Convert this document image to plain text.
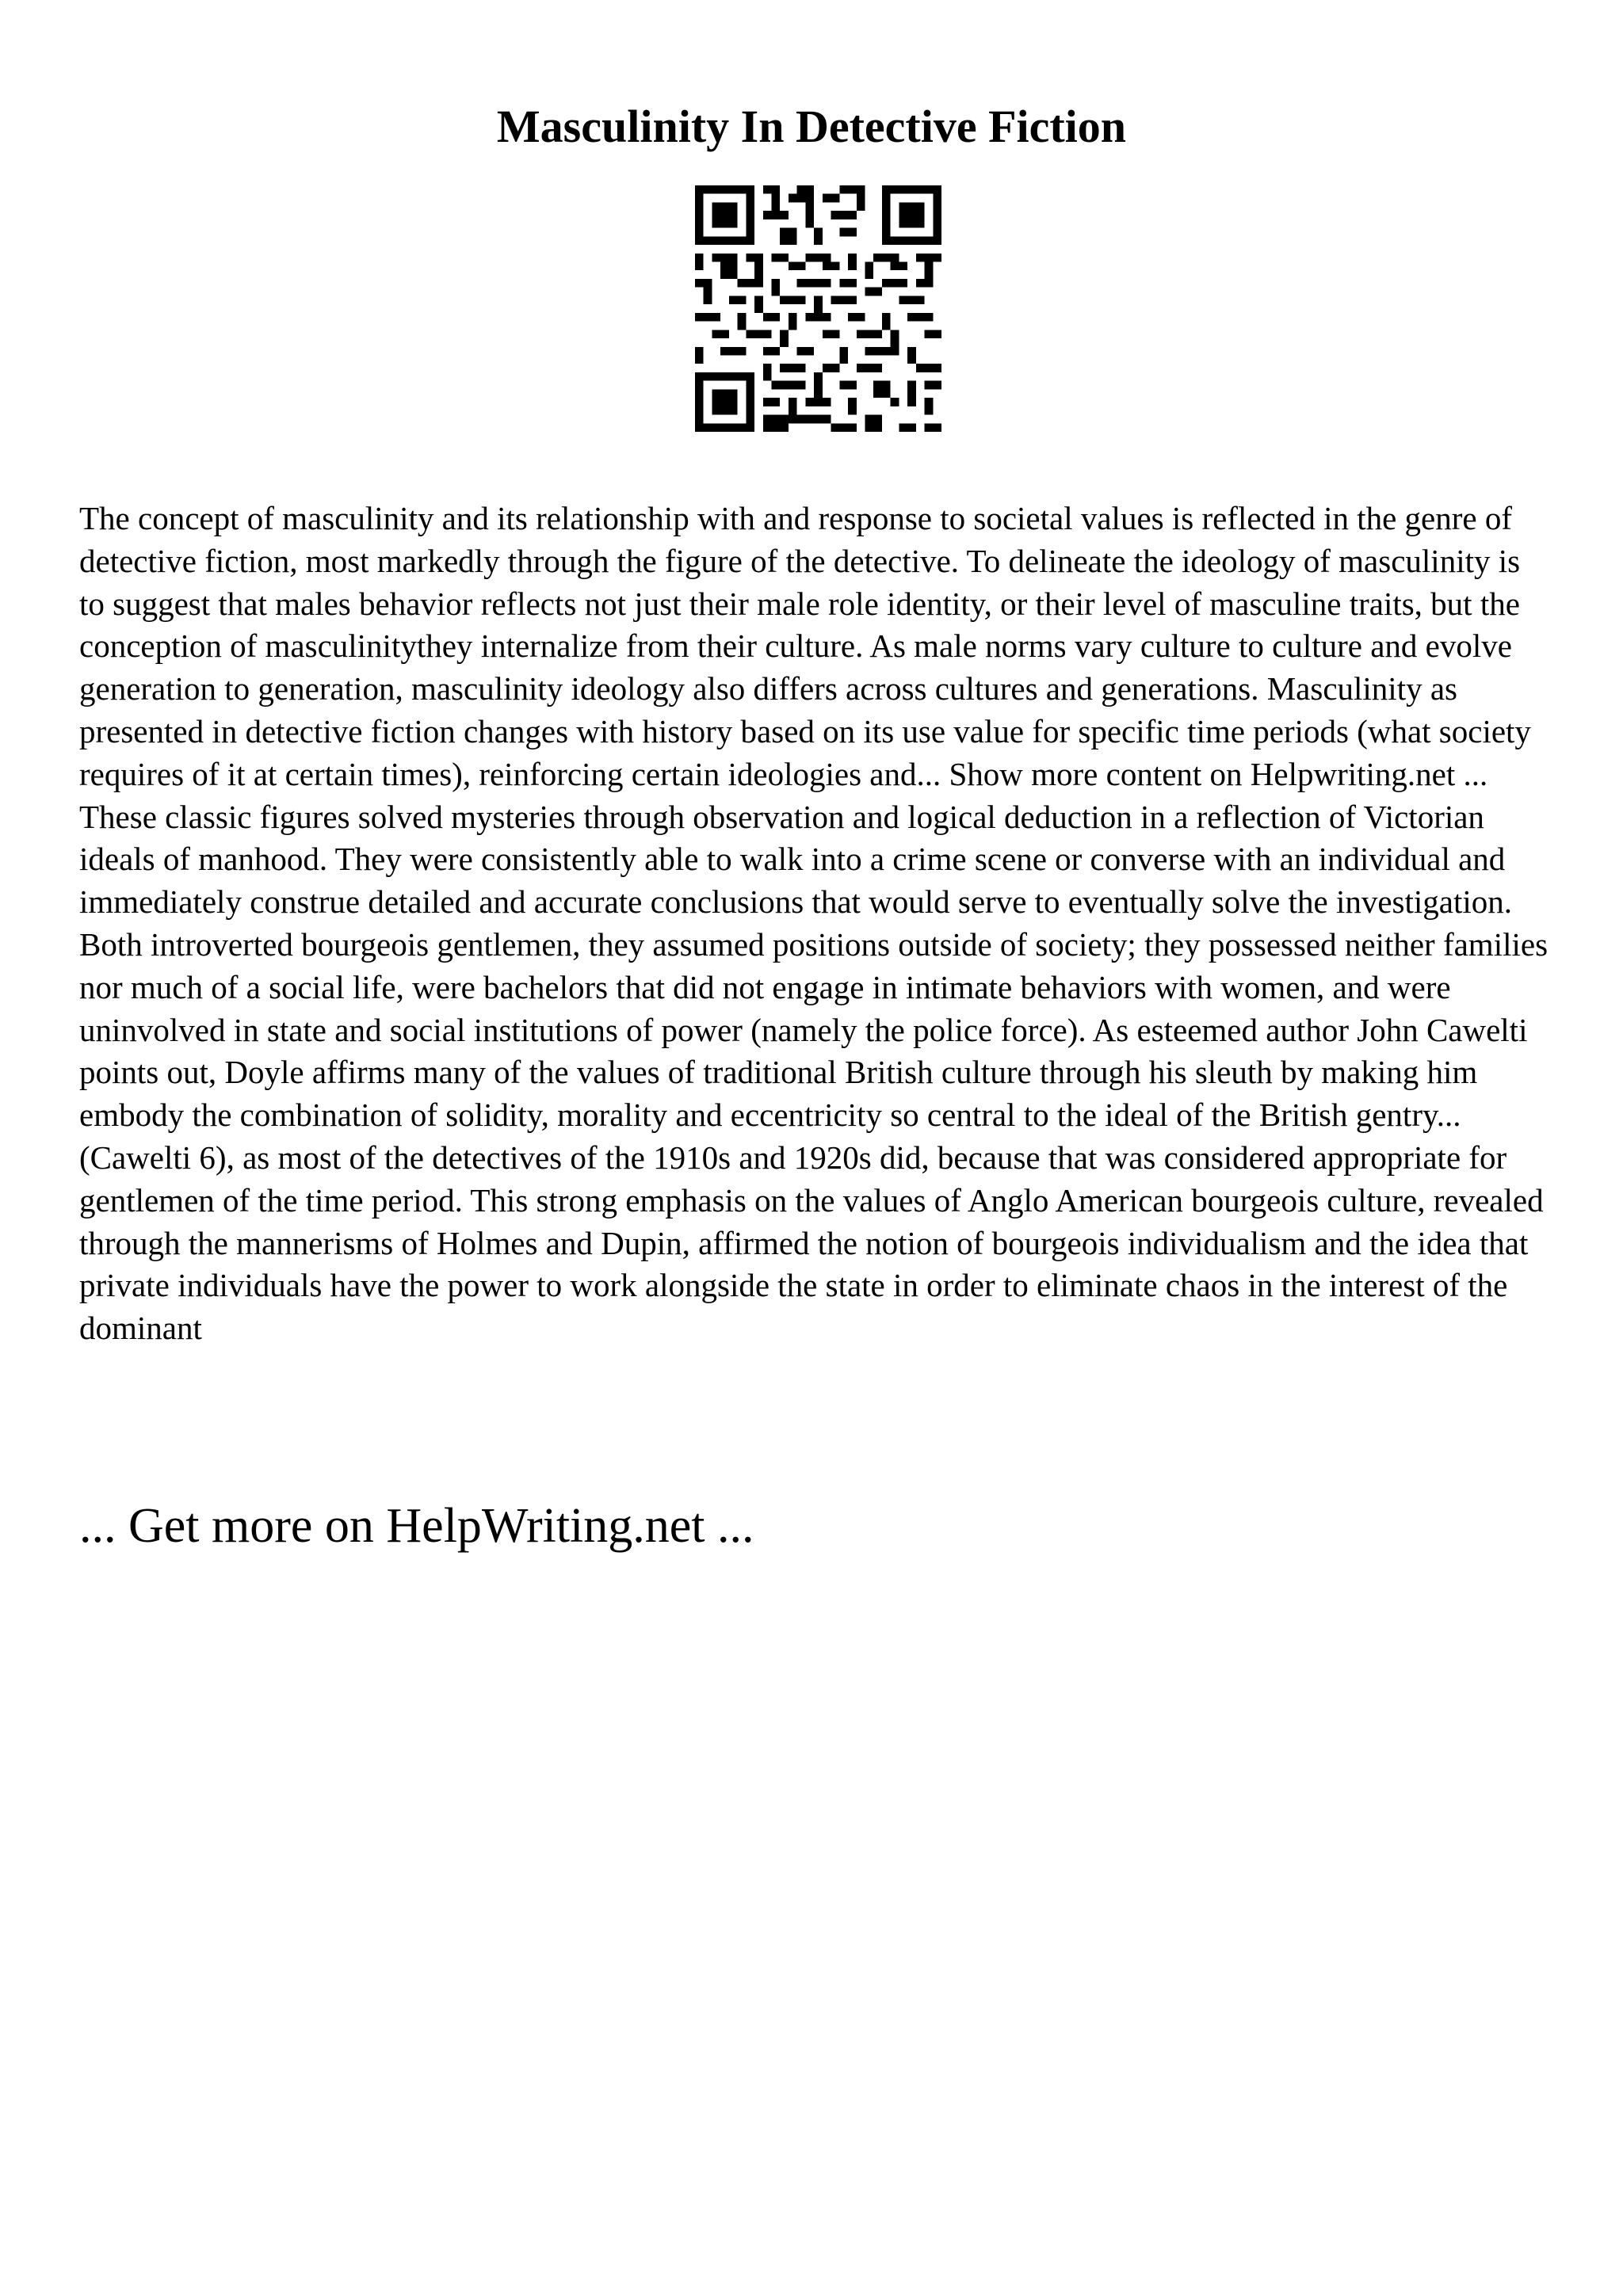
Masculinity In Detective Fiction

The concept of masculinity and its relationship with and response to societal values is reflected in the genre of detective fiction, most markedly through the figure of the detective. To delineate the ideology of masculinity is to suggest that males behavior reflects not just their male role identity, or their level of masculine traits, but the conception of masculinitythey internalize from their culture. As male norms vary culture to culture and evolve generation to generation, masculinity ideology also differs across cultures and generations. Masculinity as presented in detective fiction changes with history based on its use value for specific time periods (what society requires of it at certain times), reinforcing certain ideologies and... Show more content on Helpwriting.net ...

These classic figures solved mysteries through observation and logical deduction in a reflection of Victorian ideals of manhood. They were consistently able to walk into a crime scene or converse with an individual and immediately construe detailed and accurate conclusions that would serve to eventually solve the investigation. Both introverted bourgeois gentlemen, they assumed positions outside of society; they possessed neither families nor much of a social life, were bachelors that did not engage in intimate behaviors with women, and were uninvolved in state and social institutions of power (namely the police force). As esteemed author John Cawelti points out, Doyle affirms many of the values of traditional British culture through his sleuth by making him embody the combination of solidity, morality and eccentricity so central to the ideal of the British gentry... (Cawelti 6), as most of the detectives of the 1910s and 1920s did, because that was considered appropriate for gentlemen of the time period. This strong emphasis on the values of Anglo American bourgeois culture, revealed through the mannerisms of Holmes and Dupin, affirmed the notion of bourgeois individualism and the idea that private individuals have the power to work alongside the state in order to eliminate chaos in the interest of the dominant

... Get more on HelpWriting.net ...
